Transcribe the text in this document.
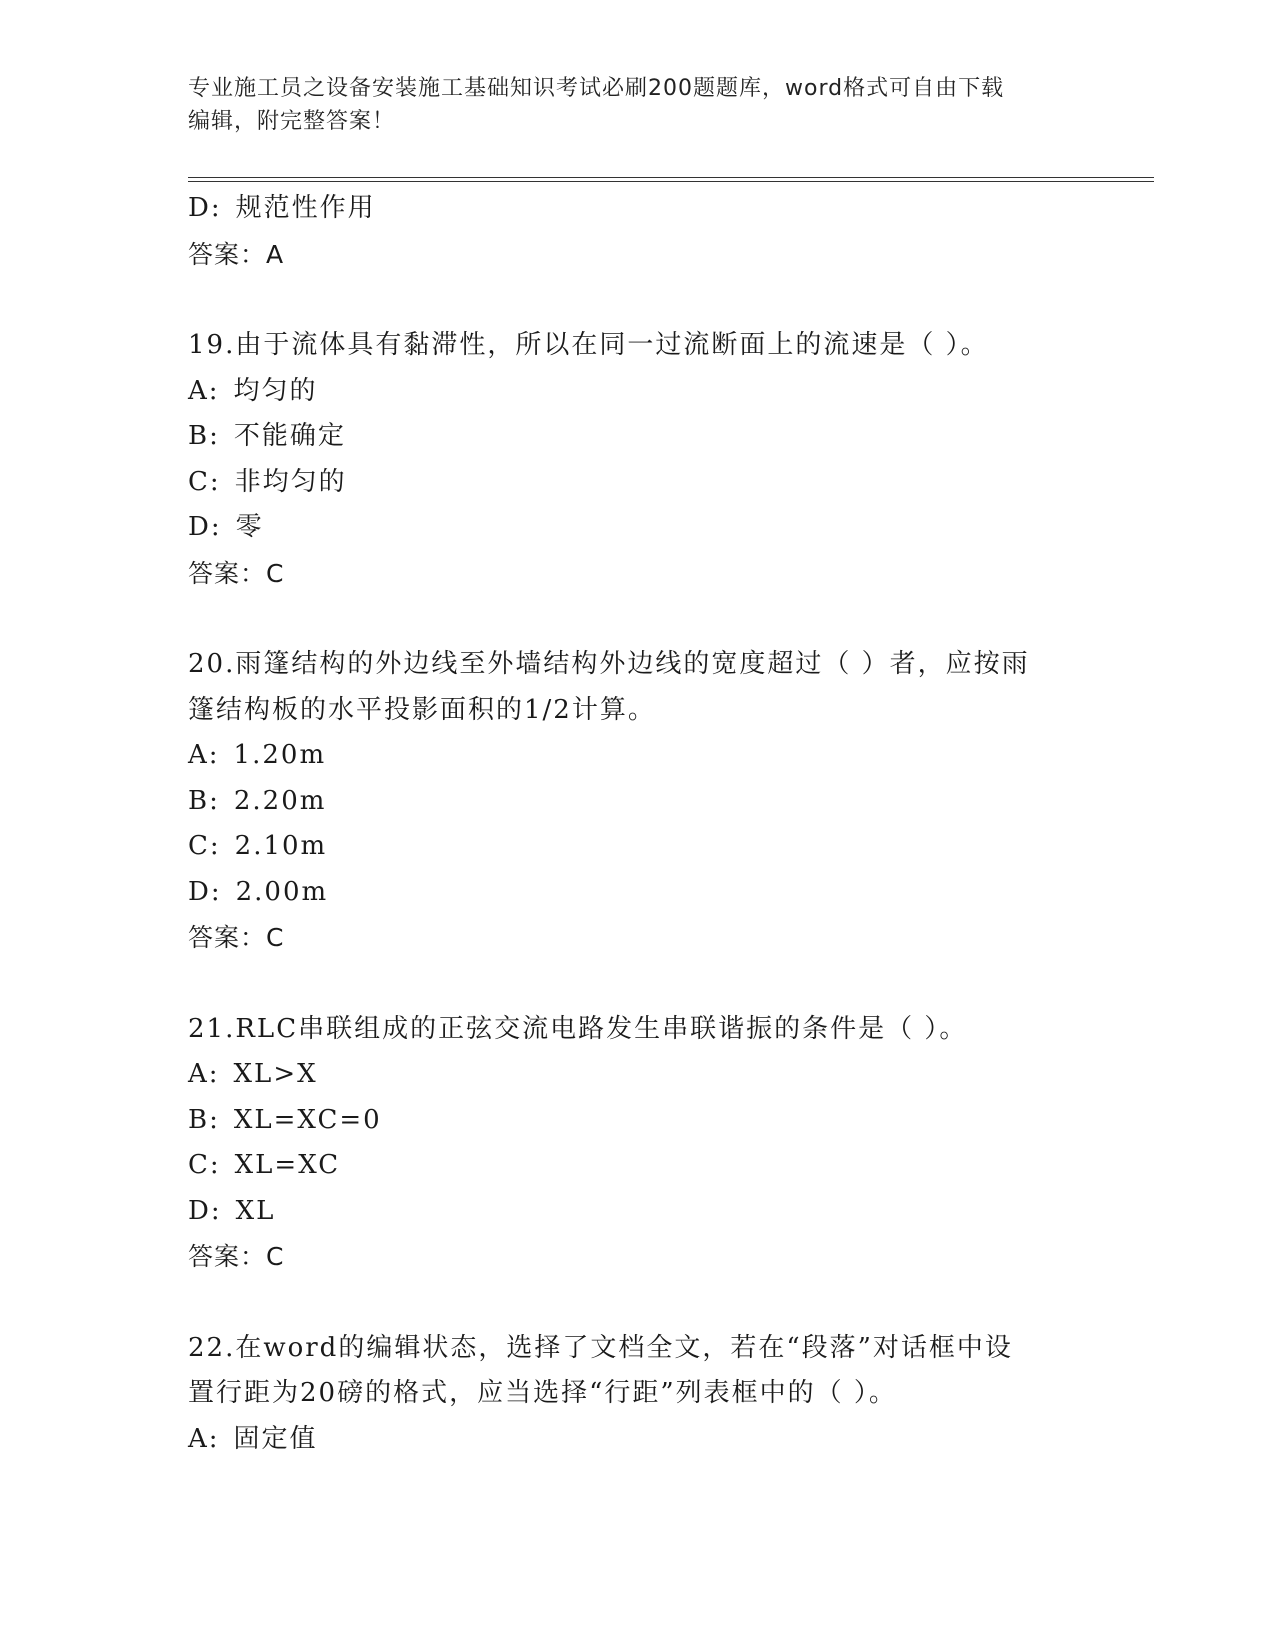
专业施工员之设备安装施工基础知识考试必刷200题题库，word格式可自由下载
编辑，附完整答案！
D: 规范性作用
答案：A
19.由于流体具有黏滞性，所以在同一过流断面上的流速是（ ）。
A: 均匀的
B: 不能确定
C: 非均匀的
D: 零
答案：C
20.雨篷结构的外边线至外墙结构外边线的宽度超过（ ）者，应按雨
篷结构板的水平投影面积的1/2计算。
A: 1.20m
B: 2.20m
C: 2.10m
D: 2.00m
答案：C
21.RLC串联组成的正弦交流电路发生串联谐振的条件是（ ）。
A: XL>X
B: XL=XC=0
C: XL=XC
D: XL
答案：C
22.在word的编辑状态，选择了文档全文，若在“段落”对话框中设
置行距为20磅的格式，应当选择“行距”列表框中的（ ）。
A: 固定值
